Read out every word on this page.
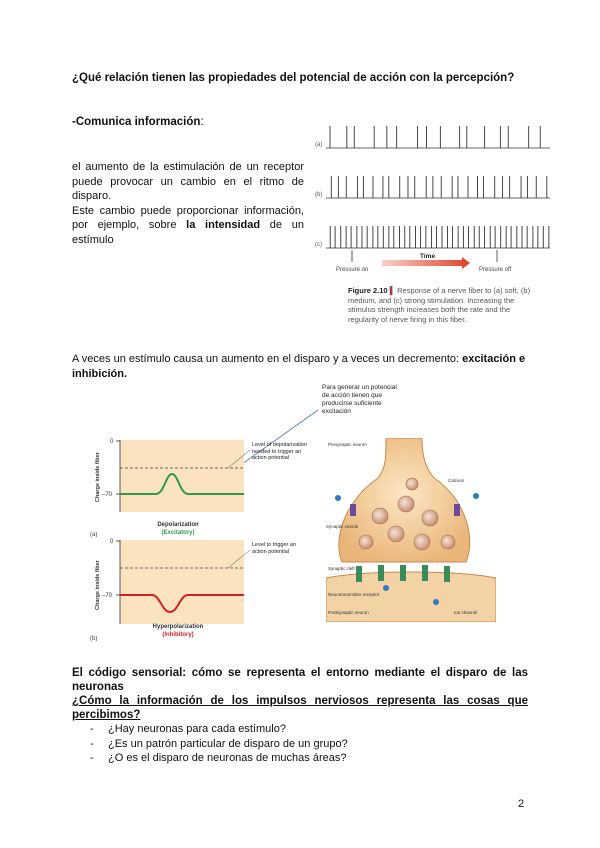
¿Qué relación tienen las propiedades del potencial de acción con la percepción?
-Comunica información:
el aumento de la estimulación de un receptor puede provocar un cambio en el ritmo de disparo.
Este cambio puede proporcionar información, por ejemplo, sobre la intensidad de un estímulo
(a)
(b)
(c)
Pressure on	Pressure off
Time
Figure 2.10 ▌ Response of a nerve fiber to (a) soft, (b) medium, and (c) strong stimulation. Increasing the stimulus strength increases both the rate and the regularity of nerve firing in this fiber.
A veces un estímulo causa un aumento en el disparo y a veces un decremento: excitación e inhibición.
Para generar un potencial de acción tienen que producirse suficiente excitación
0
–70
Charge inside fiber
Depolarization
Level of depolarization needed to trigger an action potential
(Excitatory)
(a)
0
–70
Charge inside fiber
Level to trigger an action potential
Hyperpolarization
(Inhibitory)
(b)
Presynaptic neuron
Calcium
Synaptic vesicle
Synaptic cleft
Neurotransmitter receptor
Postsynaptic neuron	Ion channel
El código sensorial: cómo se representa el entorno mediante el disparo de las neuronas
¿Cómo la información de los impulsos nerviosos representa las cosas que percibimos?
- ¿Hay neuronas para cada estímulo?
- ¿Es un patrón particular de disparo de un grupo?
- ¿O es el disparo de neuronas de muchas áreas?
2
